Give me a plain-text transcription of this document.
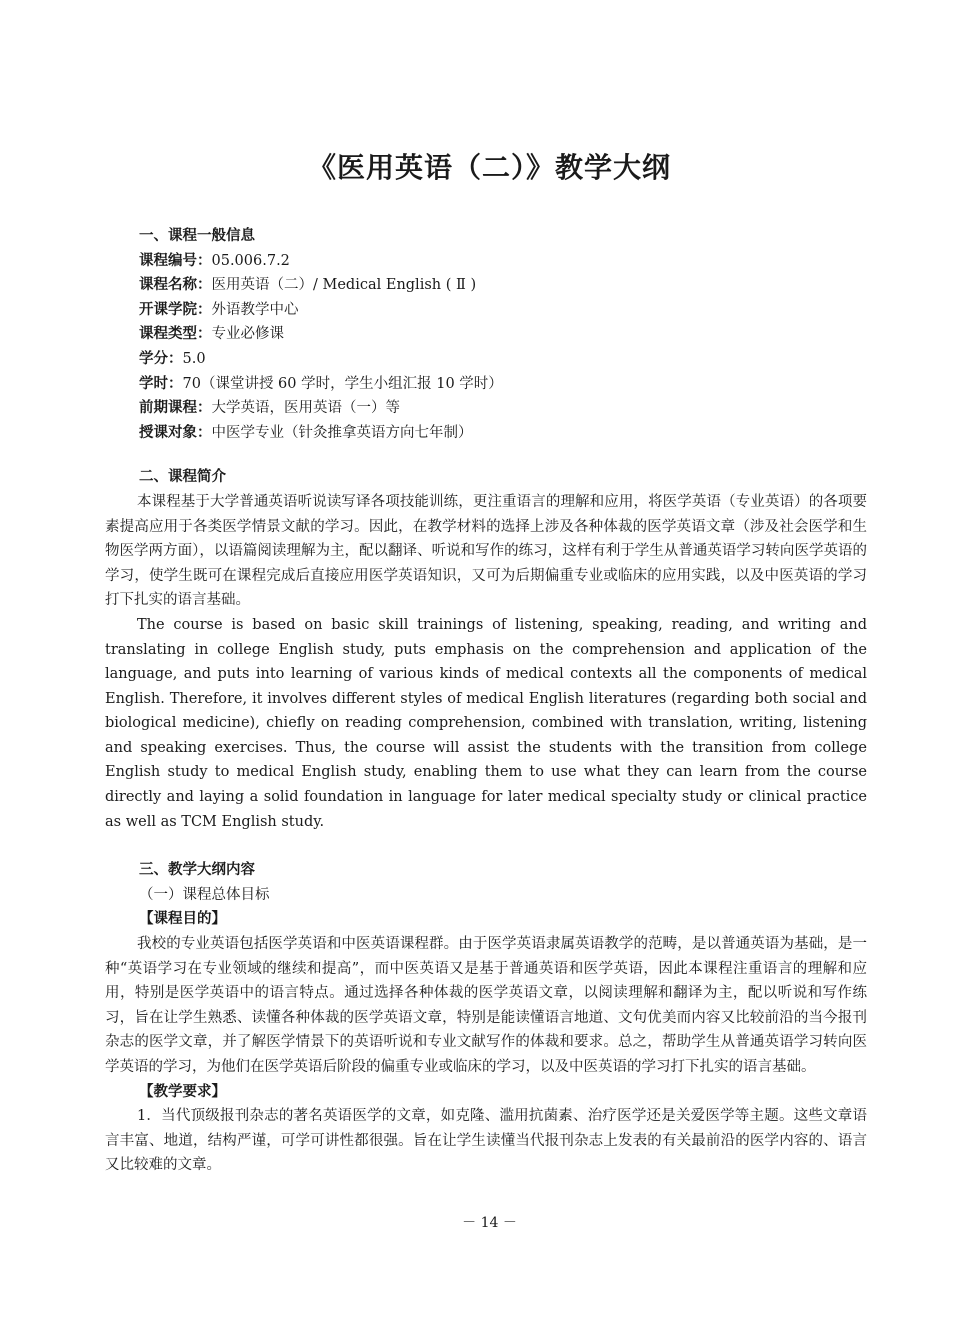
《医用英语（二）》教学大纲
一、课程一般信息
课程编号：05.006.7.2
课程名称：医用英语（二）/ Medical English ( Ⅱ )
开课学院：外语教学中心
课程类型：专业必修课
学分：5.0
学时：70（课堂讲授 60 学时，学生小组汇报 10 学时）
前期课程：大学英语，医用英语（一）等
授课对象：中医学专业（针灸推拿英语方向七年制）
二、课程简介

本课程基于大学普通英语听说读写译各项技能训练，更注重语言的理解和应用，将医学英语（专业英语）的各项要素提高应用于各类医学情景文献的学习。因此，在教学材料的选择上涉及各种体裁的医学英语文章（涉及社会医学和生物医学两方面），以语篇阅读理解为主，配以翻译、听说和写作的练习，这样有利于学生从普通英语学习转向医学英语的学习，使学生既可在课程完成后直接应用医学英语知识，又可为后期偏重专业或临床的应用实践，以及中医英语的学习打下扎实的语言基础。

The course is based on basic skill trainings of listening, speaking, reading, and writing and translating in college English study, puts emphasis on the comprehension and application of the language, and puts into learning of various kinds of medical contexts all the components of medical English. Therefore, it involves different styles of medical English literatures (regarding both social and biological medicine), chiefly on reading comprehension, combined with translation, writing, listening and speaking exercises. Thus, the course will assist the students with the transition from college English study to medical English study, enabling them to use what they can learn from the course directly and laying a solid foundation in language for later medical specialty study or clinical practice as well as TCM English study.

三、教学大纲内容
（一）课程总体目标
【课程目的】

我校的专业英语包括医学英语和中医英语课程群。由于医学英语隶属英语教学的范畴，是以普通英语为基础，是一种“英语学习在专业领域的继续和提高”，而中医英语又是基于普通英语和医学英语，因此本课程注重语言的理解和应用，特别是医学英语中的语言特点。通过选择各种体裁的医学英语文章，以阅读理解和翻译为主，配以听说和写作练习，旨在让学生熟悉、读懂各种体裁的医学英语文章，特别是能读懂语言地道、文句优美而内容又比较前沿的当今报刊杂志的医学文章，并了解医学情景下的英语听说和专业文献写作的体裁和要求。总之，帮助学生从普通英语学习转向医学英语的学习，为他们在医学英语后阶段的偏重专业或临床的学习，以及中医英语的学习打下扎实的语言基础。

【教学要求】

1．当代顶级报刊杂志的著名英语医学的文章，如克隆、滥用抗菌素、治疗医学还是关爱医学等主题。这些文章语言丰富、地道，结构严谨，可学可讲性都很强。旨在让学生读懂当代报刊杂志上发表的有关最前沿的医学内容的、语言又比较难的文章。

－ 14 －
